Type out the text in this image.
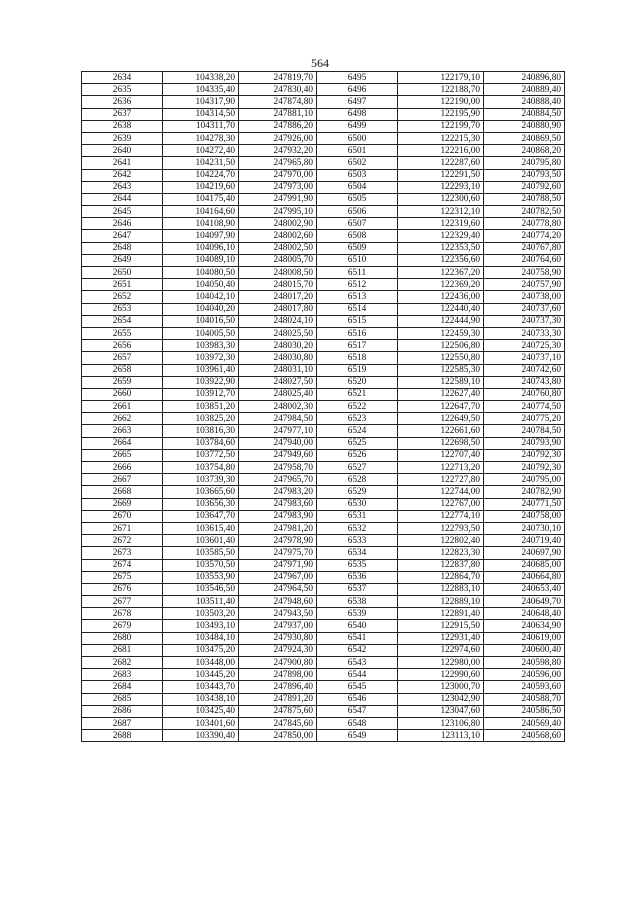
564
2634	104338,20	247819,70	6495	122179,10	240896,80
2635	104335,40	247830,40	6496	122188,70	240889,40
2636	104317,90	247874,80	6497	122190,00	240888,40
2637	104314,50	247881,10	6498	122195,90	240884,50
2638	104311,70	247886,20	6499	122199,70	240880,90
2639	104278,30	247926,00	6500	122215,30	240869,50
2640	104272,40	247932,20	6501	122216,00	240868,20
2641	104231,50	247965,80	6502	122287,60	240795,80
2642	104224,70	247970,00	6503	122291,50	240793,50
2643	104219,60	247973,00	6504	122293,10	240792,60
2644	104175,40	247991,90	6505	122300,60	240788,50
2645	104164,60	247995,10	6506	122312,10	240782,50
2646	104108,90	248002,90	6507	122319,60	240778,80
2647	104097,90	248002,60	6508	122329,40	240774,20
2648	104096,10	248002,50	6509	122353,50	240767,80
2649	104089,10	248005,70	6510	122356,60	240764,60
2650	104080,50	248008,50	6511	122367,20	240758,90
2651	104050,40	248015,70	6512	122369,20	240757,90
2652	104042,10	248017,20	6513	122436,00	240738,00
2653	104040,20	248017,80	6514	122440,40	240737,60
2654	104016,50	248024,10	6515	122444,90	240737,30
2655	104005,50	248025,50	6516	122459,30	240733,30
2656	103983,30	248030,20	6517	122506,80	240725,30
2657	103972,30	248030,80	6518	122550,80	240737,10
2658	103961,40	248031,10	6519	122585,30	240742,60
2659	103922,90	248027,50	6520	122589,10	240743,80
2660	103912,70	248025,40	6521	122627,40	240760,80
2661	103851,20	248002,30	6522	122647,70	240774,50
2662	103825,20	247984,50	6523	122649,50	240775,20
2663	103816,30	247977,10	6524	122661,60	240784,50
2664	103784,60	247940,00	6525	122698,50	240793,90
2665	103772,50	247949,60	6526	122707,40	240792,30
2666	103754,80	247958,70	6527	122713,20	240792,30
2667	103739,30	247965,70	6528	122727,80	240795,00
2668	103665,60	247983,20	6529	122744,00	240782,90
2669	103656,30	247983,60	6530	122767,00	240771,50
2670	103647,70	247983,90	6531	122774,10	240758,00
2671	103615,40	247981,20	6532	122793,50	240730,10
2672	103601,40	247978,90	6533	122802,40	240719,40
2673	103585,50	247975,70	6534	122823,30	240697,90
2674	103570,50	247971,90	6535	122837,80	240685,00
2675	103553,90	247967,00	6536	122864,70	240664,80
2676	103546,50	247964,50	6537	122883,10	240653,40
2677	103511,40	247948,60	6538	122889,10	240649,70
2678	103503,20	247943,50	6539	122891,40	240648,40
2679	103493,10	247937,00	6540	122915,50	240634,90
2680	103484,10	247930,80	6541	122931,40	240619,00
2681	103475,20	247924,30	6542	122974,60	240600,40
2682	103448,00	247900,80	6543	122980,00	240598,80
2683	103445,20	247898,00	6544	122990,60	240596,00
2684	103443,70	247896,40	6545	123000,70	240593,60
2685	103438,10	247891,20	6546	123042,90	240588,70
2686	103425,40	247875,60	6547	123047,60	240586,50
2687	103401,60	247845,60	6548	123106,80	240569,40
2688	103390,40	247850,00	6549	123113,10	240568,60
